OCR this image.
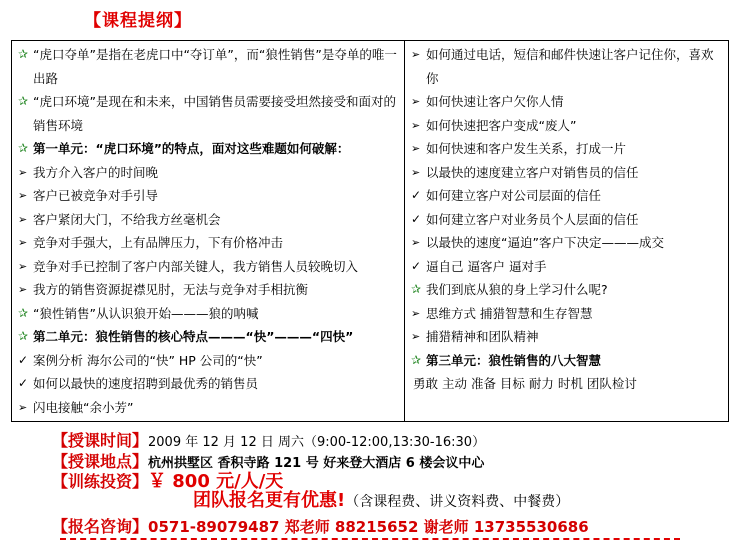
【课程提纲】
✰ “虎口夺单”是指在老虎口中“夺订单”，而“狼性销售”是夺单的唯一出路
✰ “虎口环境”是现在和未来，中国销售员需要接受坦然接受和面对的销售环境
✰ 第一单元：“虎口环境”的特点，面对这些难题如何破解：
➢ 我方介入客户的时间晚
➢ 客户已被竞争对手引导
➢ 客户紧闭大门，不给我方丝毫机会
➢ 竞争对手强大，上有品牌压力，下有价格冲击
➢ 竞争对手已控制了客户内部关键人，我方销售人员较晚切入
➢ 我方的销售资源捉襟见肘，无法与竞争对手相抗衡
✰ “狼性销售”从认识狼开始———狼的呐喊
✰ 第二单元：狼性销售的核心特点———“快”———“四快”
✓ 案例分析 海尔公司的“快” HP 公司的“快”
✓ 如何以最快的速度招聘到最优秀的销售员
➢ 闪电接触“余小芳”
➢ 如何通过电话，短信和邮件快速让客户记住你，喜欢你
➢ 如何快速让客户欠你人情
➢ 如何快速把客户变成“废人”
➢ 如何快速和客户发生关系，打成一片
➢ 以最快的速度建立客户对销售员的信任
✓ 如何建立客户对公司层面的信任
✓ 如何建立客户对业务员个人层面的信任
➢ 以最快的速度“逼迫”客户下决定———成交
✓ 逼自己 逼客户 逼对手
✰ 我们到底从狼的身上学习什么呢?
➢ 思维方式 捕猎智慧和生存智慧
➢ 捕猎精神和团队精神
✰ 第三单元：狼性销售的八大智慧
勇敢 主动 准备 目标 耐力 时机 团队检讨
【授课时间】2009 年 12 月 12 日 周六（9:00-12:00,13:30-16:30）
【授课地点】杭州拱墅区 香积寺路 121 号 好来登大酒店 6 楼会议中心
【训练投资】￥ 800 元/人/天
团队报名更有优惠!（含课程费、讲义资料费、中餐费）
【报名咨询】0571-89079487 郑老师 88215652 谢老师 13735530686
